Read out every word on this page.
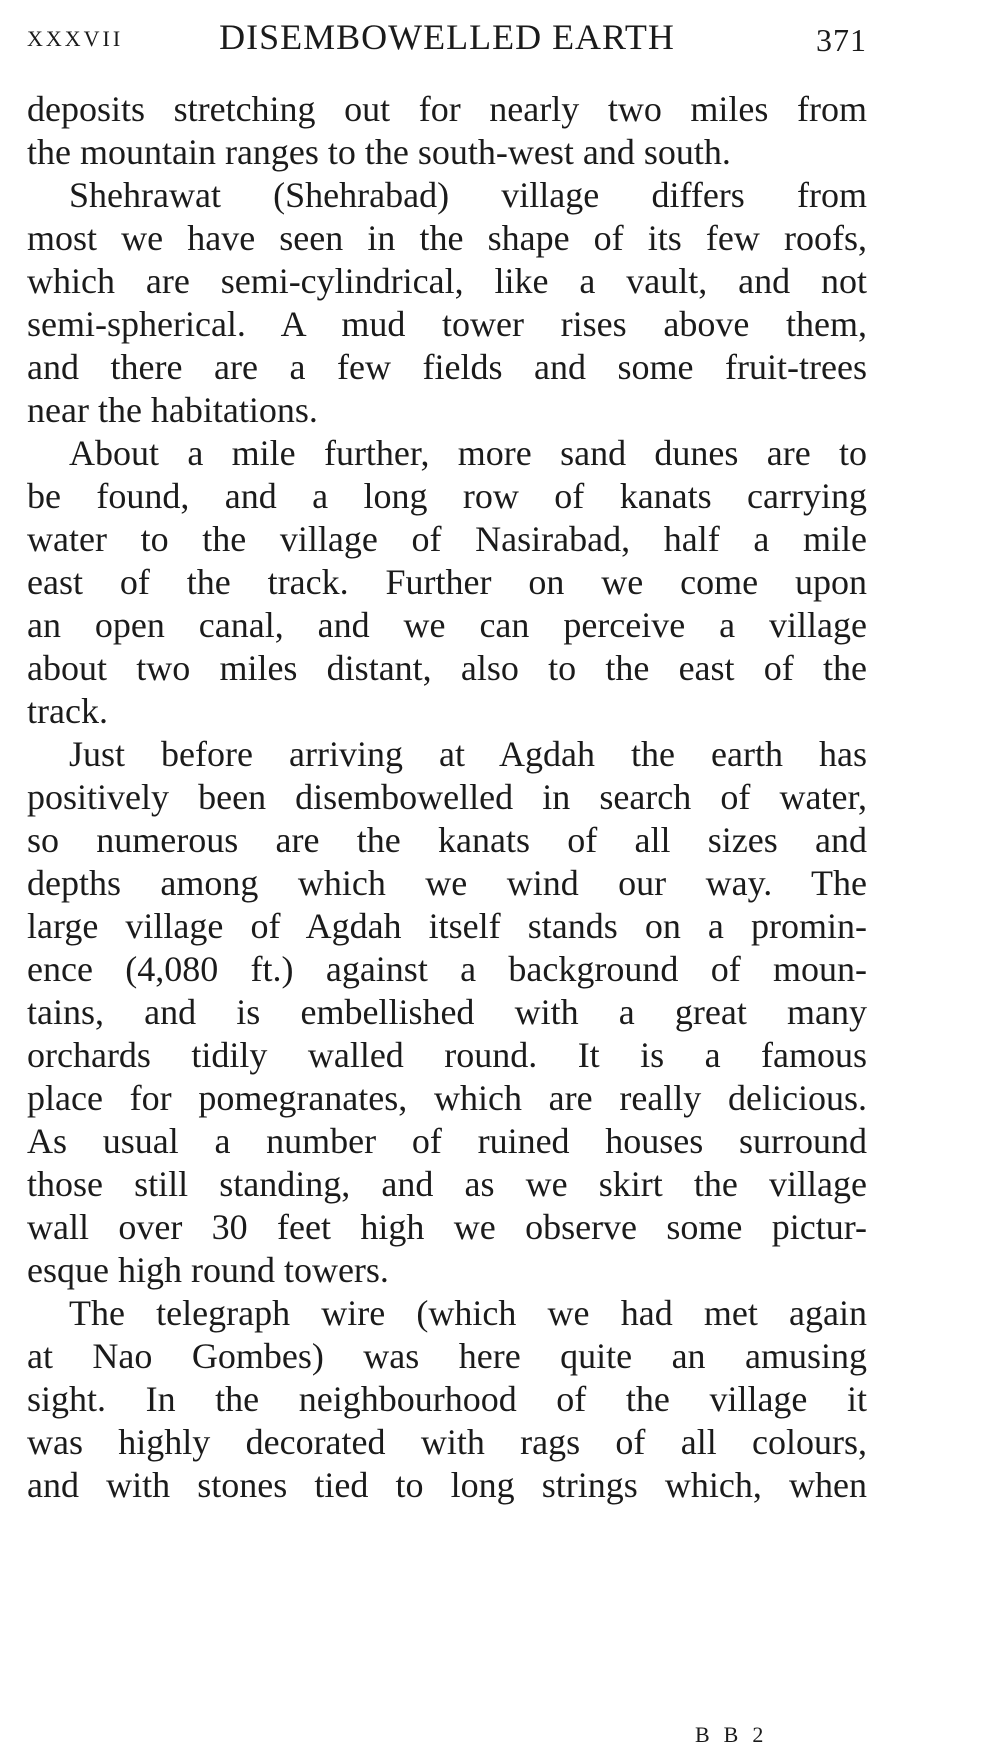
XXXVII	DISEMBOWELLED EARTH	371
deposits stretching out for nearly two miles from
the mountain ranges to the south-west and south.
Shehrawat (Shehrabad) village differs from
most we have seen in the shape of its few roofs,
which are semi-cylindrical, like a vault, and not
semi-spherical. A mud tower rises above them,
and there are a few fields and some fruit-trees
near the habitations.
About a mile further, more sand dunes are to
be found, and a long row of kanats carrying
water to the village of Nasirabad, half a mile
east of the track. Further on we come upon
an open canal, and we can perceive a village
about two miles distant, also to the east of the
track.
Just before arriving at Agdah the earth has
positively been disembowelled in search of water,
so numerous are the kanats of all sizes and
depths among which we wind our way. The
large village of Agdah itself stands on a promin-
ence (4,080 ft.) against a background of moun-
tains, and is embellished with a great many
orchards tidily walled round. It is a famous
place for pomegranates, which are really delicious.
As usual a number of ruined houses surround
those still standing, and as we skirt the village
wall over 30 feet high we observe some pictur-
esque high round towers.
The telegraph wire (which we had met again
at Nao Gombes) was here quite an amusing
sight. In the neighbourhood of the village it
was highly decorated with rags of all colours,
and with stones tied to long strings which, when
BB2
